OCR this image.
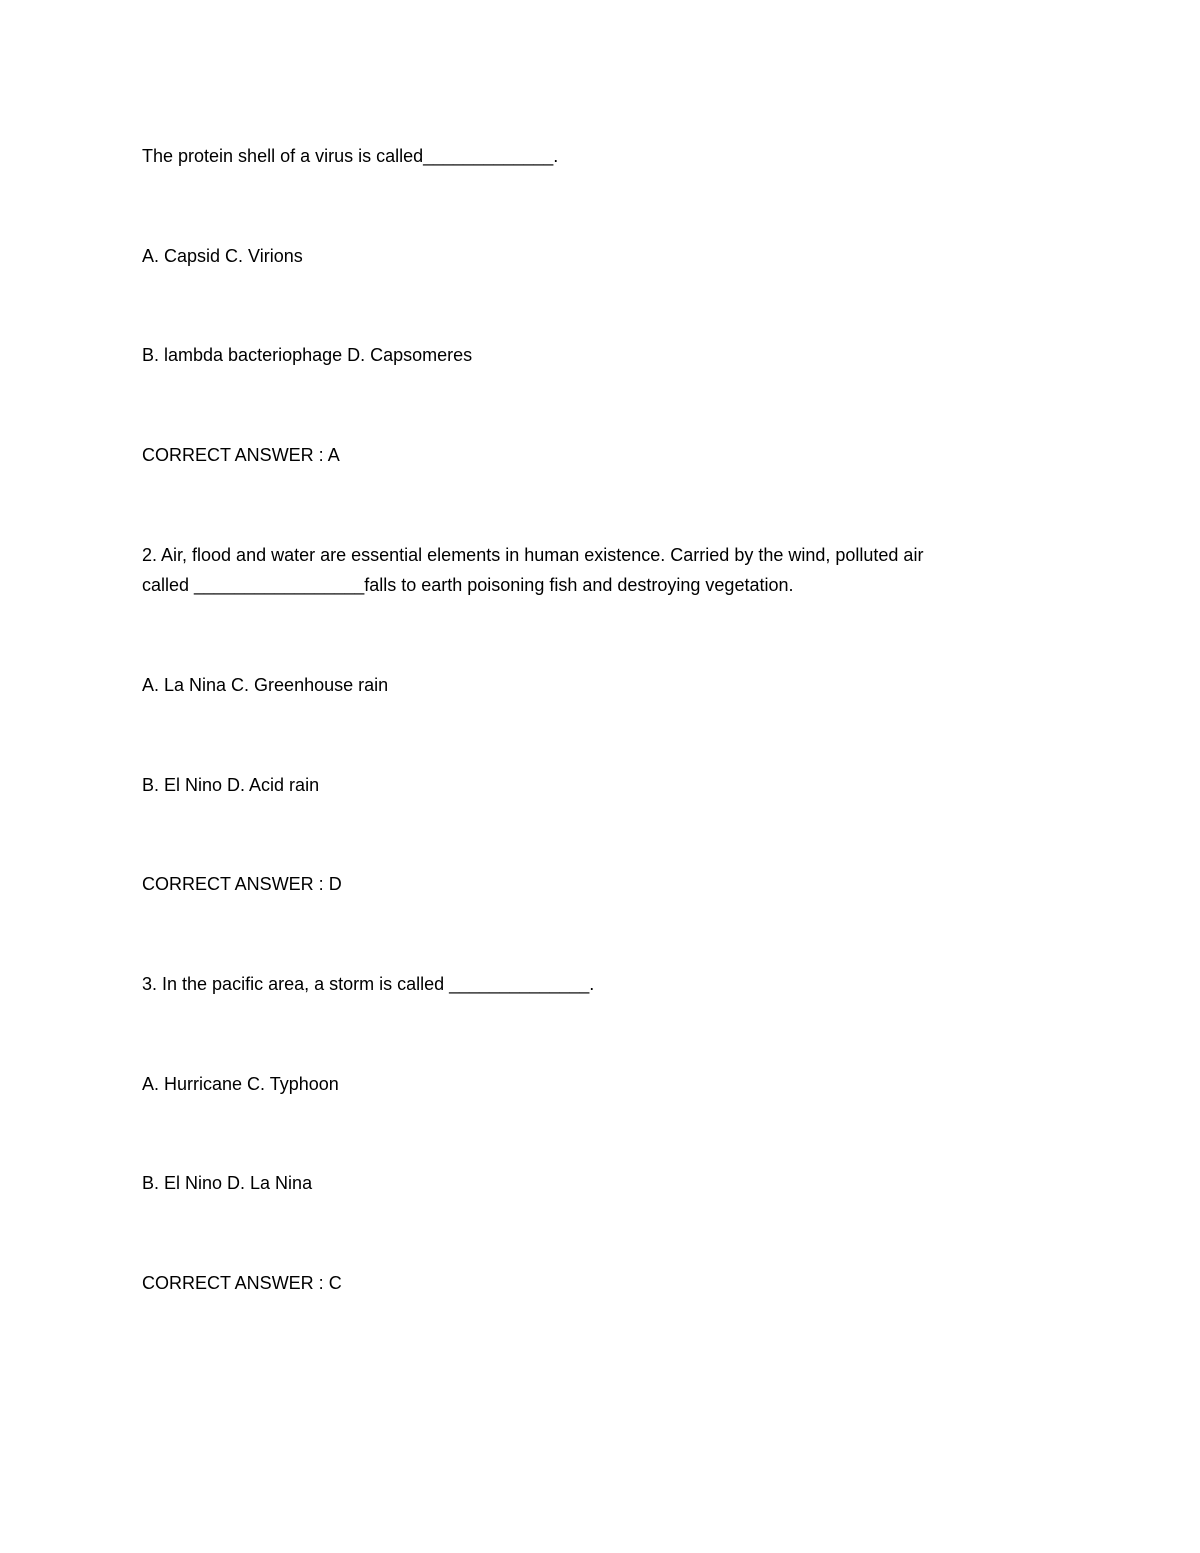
The protein shell of a virus is called_____________.

A. Capsid C. Virions

B. lambda bacteriophage D. Capsomeres

CORRECT ANSWER : A

2. Air, flood and water are essential elements in human existence. Carried by the wind, polluted air

called _________________falls to earth poisoning fish and destroying vegetation.

A. La Nina C. Greenhouse rain

B. El Nino D. Acid rain

CORRECT ANSWER : D

3. In the pacific area, a storm is called ______________.

A. Hurricane C. Typhoon

B. El Nino D. La Nina

CORRECT ANSWER : C
